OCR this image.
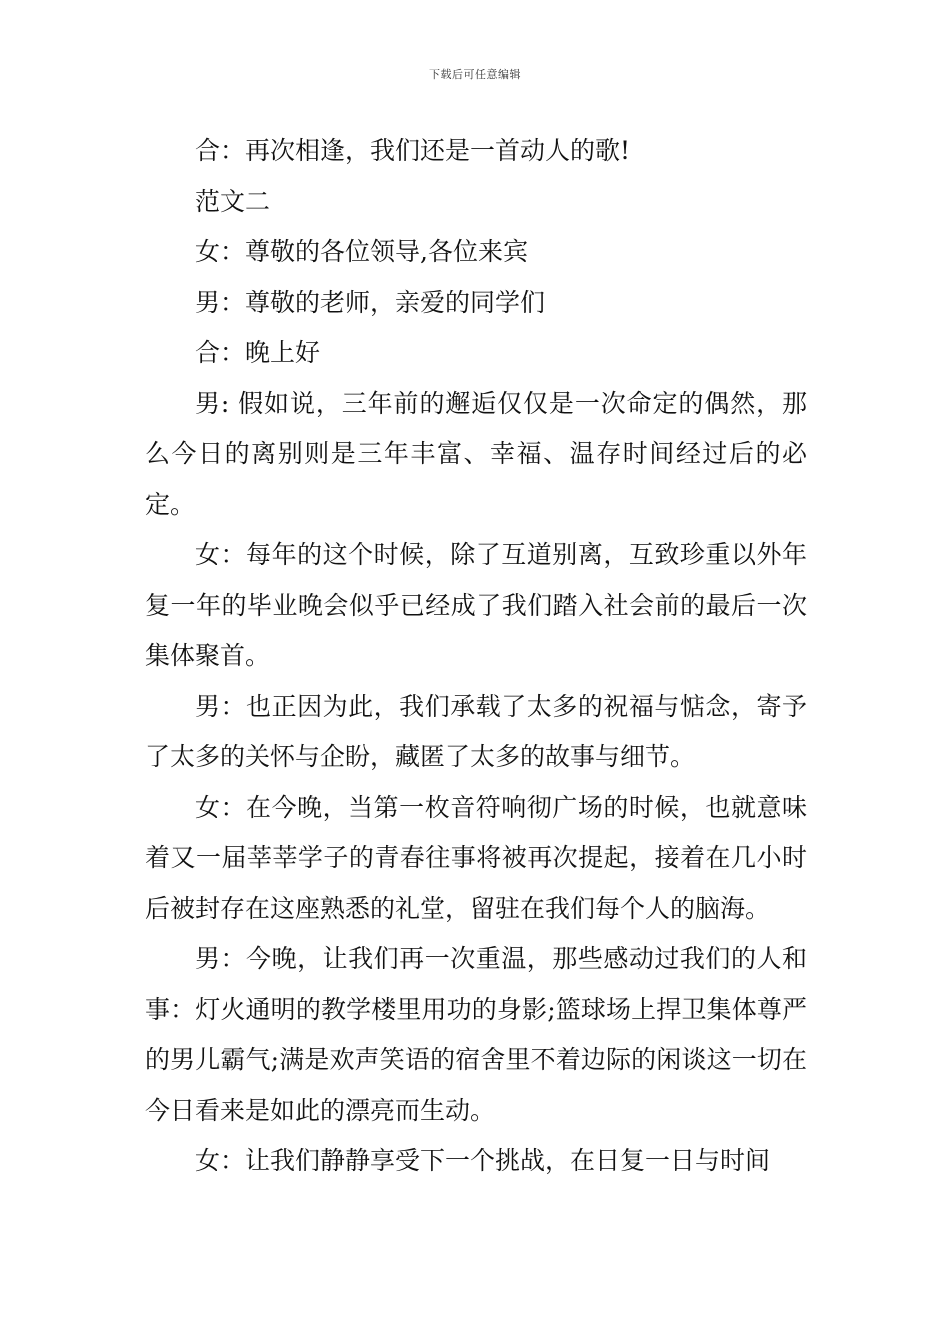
下载后可任意编辑

合：再次相逢，我们还是一首动人的歌!

范文二

女：尊敬的各位领导,各位来宾

男：尊敬的老师，亲爱的同学们

合：晚上好

男: 假如说，三年前的邂逅仅仅是一次命定的偶然，那么今日的离别则是三年丰富、幸福、温存时间经过后的必定。

女：每年的这个时候，除了互道别离，互致珍重以外年复一年的毕业晚会似乎已经成了我们踏入社会前的最后一次集体聚首。

男：也正因为此，我们承载了太多的祝福与惦念，寄予了太多的关怀与企盼，藏匿了太多的故事与细节。

女：在今晚，当第一枚音符响彻广场的时候，也就意味着又一届莘莘学子的青春往事将被再次提起，接着在几小时后被封存在这座熟悉的礼堂，留驻在我们每个人的脑海。

男：今晚，让我们再一次重温，那些感动过我们的人和事：灯火通明的教学楼里用功的身影;篮球场上捍卫集体尊严的男儿霸气;满是欢声笑语的宿舍里不着边际的闲谈这一切在今日看来是如此的漂亮而生动。

女：让我们静静享受下一个挑战，在日复一日与时间
